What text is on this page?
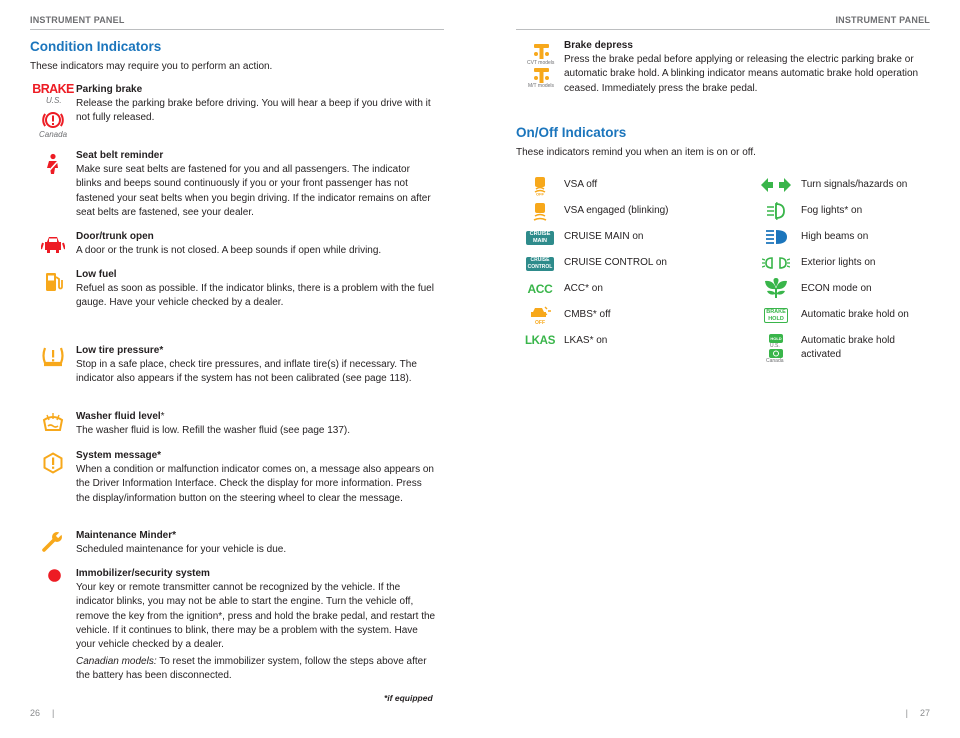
INSTRUMENT PANEL
Condition Indicators
These indicators may require you to perform an action.
BRAKE
U.S.
Canada
Parking brake

Release the parking brake before driving. You will hear a beep if you drive with it not fully released.

Seat belt reminder

Make sure seat belts are fastened for you and all passengers. The indicator blinks and beeps sound continuously if you or your front passenger has not fastened your seat belts when you begin driving. If the indicator remains on after seat belts are fastened, see your dealer.

Door/trunk open

A door or the trunk is not closed. A beep sounds if open while driving.

Low fuel

Refuel as soon as possible. If the indicator blinks, there is a problem with the fuel gauge. Have your vehicle checked by a dealer.

Low tire pressure*

Stop in a safe place, check tire pressures, and inflate tire(s) if necessary. The indicator also appears if the system has not been calibrated (see page 118).

Washer fluid level*

The washer fluid is low. Refill the washer fluid (see page 137).

System message*

When a condition or malfunction indicator comes on, a message also appears on the Driver Information Interface. Check the display for more information. Press the display/information button on the steering wheel to clear the message.

Maintenance Minder*

Scheduled maintenance for your vehicle is due.

Immobilizer/security system

Your key or remote transmitter cannot be recognized by the vehicle. If the indicator blinks, you may not be able to start the engine. Turn the vehicle off, remove the key from the ignition*, press and hold the brake pedal, and restart the vehicle. If it continues to blink, there may be a problem with the system. Have your vehicle checked by a dealer.

Canadian models: To reset the immobilizer system, follow the steps above after the battery has been disconnected.

*if equipped
26 |
INSTRUMENT PANEL
CVT models
M/T models
Brake depress

Press the brake pedal before applying or releasing the electric parking brake or automatic brake hold. A blinking indicator means automatic brake hold operation ceased. Immediately press the brake pedal.

On/Off Indicators
These indicators remind you when an item is on or off.
OFF
CRUISE MAIN
CRUISE CONTROL
ACC
OFF
LKAS
VSA off
VSA engaged (blinking)
CRUISE MAIN on
CRUISE CONTROL on
ACC* on
CMBS* off
LKAS* on
BRAKE HOLD
HOLD
U.S.
Canada
Turn signals/hazards on
Fog lights* on
High beams on
Exterior lights on
ECON mode on
Automatic brake hold on
Automatic brake hold activated
| 27
